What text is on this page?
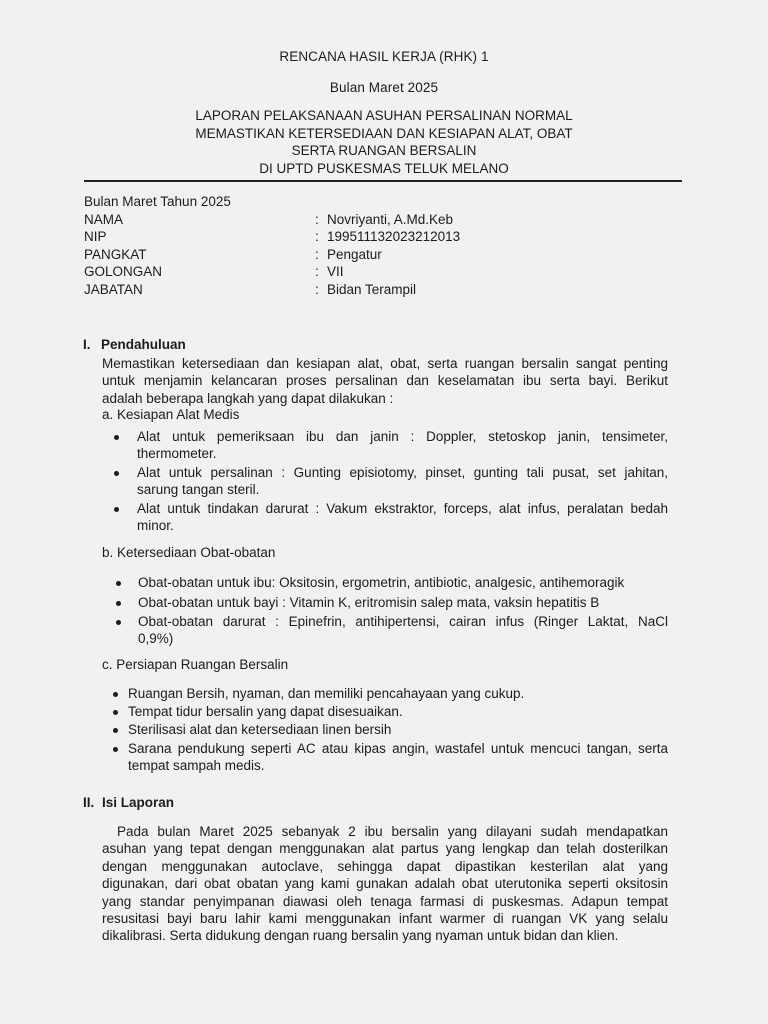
RENCANA HASIL KERJA (RHK) 1
Bulan Maret 2025
LAPORAN PELAKSANAAN ASUHAN PERSALINAN NORMAL
MEMASTIKAN KETERSEDIAAN DAN KESIAPAN ALAT, OBAT
SERTA RUANGAN BERSALIN
DI UPTD PUSKESMAS TELUK MELANO
Bulan Maret Tahun 2025
NAMA	: Novriyanti, A.Md.Keb
NIP	: 199511132023212013
PANGKAT	: Pengatur
GOLONGAN	: VII
JABATAN	: Bidan Terampil
I. Pendahuluan
Memastikan ketersediaan dan kesiapan alat, obat, serta ruangan bersalin sangat penting
untuk menjamin kelancaran proses persalinan dan keselamatan ibu serta bayi. Berikut
adalah beberapa langkah yang dapat dilakukan :
a. Kesiapan Alat Medis
Alat untuk pemeriksaan ibu dan janin : Doppler, stetoskop janin, tensimeter,
thermometer.
Alat untuk persalinan : Gunting episiotomy, pinset, gunting tali pusat, set jahitan,
sarung tangan steril.
Alat untuk tindakan darurat : Vakum ekstraktor, forceps, alat infus, peralatan bedah
minor.
b. Ketersediaan Obat-obatan
Obat-obatan untuk ibu: Oksitosin, ergometrin, antibiotic, analgesic, antihemoragik
Obat-obatan untuk bayi : Vitamin K, eritromisin salep mata, vaksin hepatitis B
Obat-obatan darurat : Epinefrin, antihipertensi, cairan infus (Ringer Laktat, NaCl
0,9%)
c. Persiapan Ruangan Bersalin
Ruangan Bersih, nyaman, dan memiliki pencahayaan yang cukup.
Tempat tidur bersalin yang dapat disesuaikan.
Sterilisasi alat dan ketersediaan linen bersih
Sarana pendukung seperti AC atau kipas angin, wastafel untuk mencuci tangan, serta
tempat sampah medis.
II. Isi Laporan
Pada bulan Maret 2025 sebanyak 2 ibu bersalin yang dilayani sudah mendapatkan
asuhan yang tepat dengan menggunakan alat partus yang lengkap dan telah dosterilkan
dengan menggunakan autoclave, sehingga dapat dipastikan kesterilan alat yang
digunakan, dari obat obatan yang kami gunakan adalah obat uterutonika seperti oksitosin
yang standar penyimpanan diawasi oleh tenaga farmasi di puskesmas. Adapun tempat
resusitasi bayi baru lahir kami menggunakan infant warmer di ruangan VK yang selalu
dikalibrasi. Serta didukung dengan ruang bersalin yang nyaman untuk bidan dan klien.
